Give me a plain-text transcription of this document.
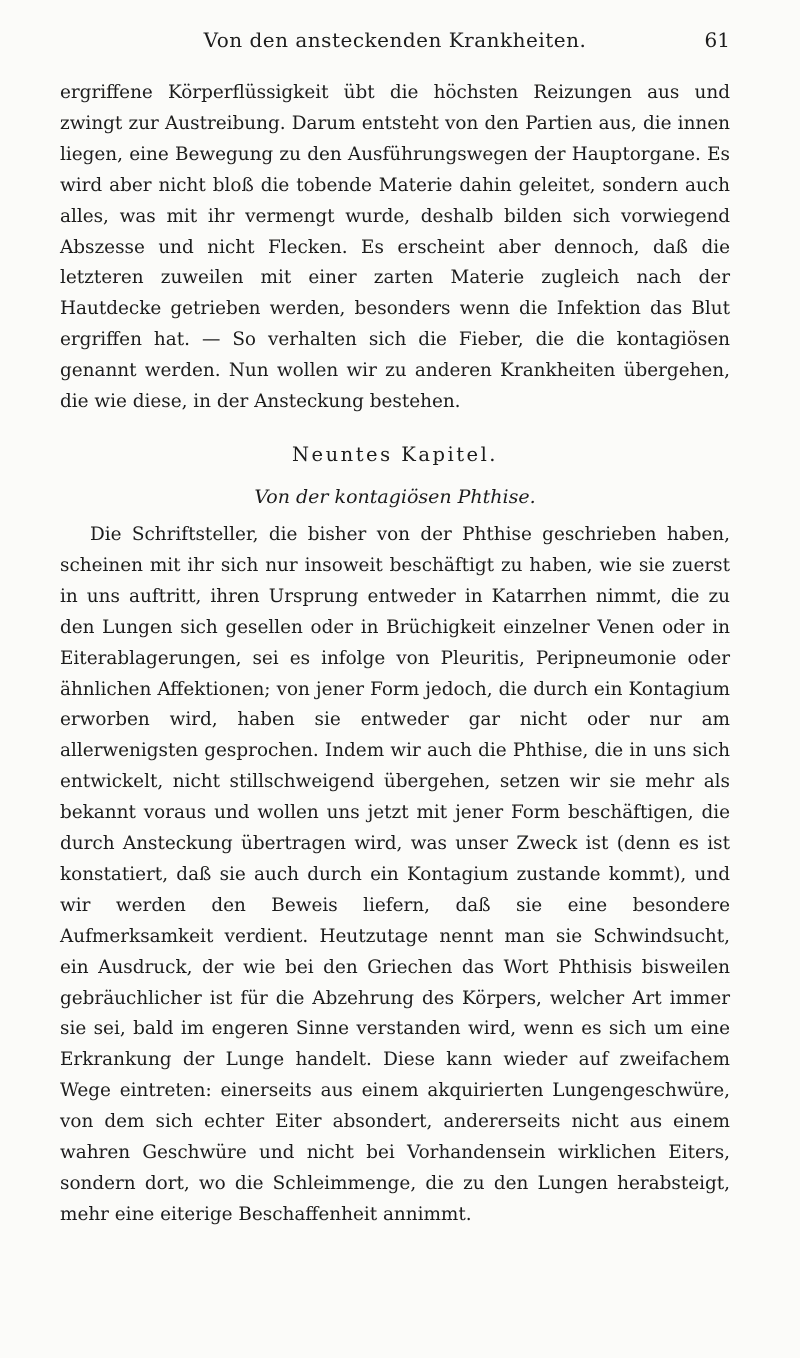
Von den ansteckenden Krankheiten.	61

ergriffene Körperflüssigkeit übt die höchsten Reizungen aus und zwingt zur Austreibung. Darum entsteht von den Partien aus, die innen liegen, eine Bewegung zu den Ausführungswegen der Hauptorgane. Es wird aber nicht bloß die tobende Materie dahin geleitet, sondern auch alles, was mit ihr vermengt wurde, deshalb bilden sich vorwiegend Abszesse und nicht Flecken. Es erscheint aber dennoch, daß die letzteren zuweilen mit einer zarten Materie zugleich nach der Hautdecke getrieben werden, besonders wenn die Infektion das Blut ergriffen hat. — So verhalten sich die Fieber, die die kontagiösen genannt werden. Nun wollen wir zu anderen Krankheiten übergehen, die wie diese, in der Ansteckung bestehen.

Neuntes Kapitel.
Von der kontagiösen Phthise.

Die Schriftsteller, die bisher von der Phthise geschrieben haben, scheinen mit ihr sich nur insoweit beschäftigt zu haben, wie sie zuerst in uns auftritt, ihren Ursprung entweder in Katarrhen nimmt, die zu den Lungen sich gesellen oder in Brüchigkeit einzelner Venen oder in Eiterablagerungen, sei es infolge von Pleuritis, Peripneumonie oder ähnlichen Affektionen; von jener Form jedoch, die durch ein Kontagium erworben wird, haben sie entweder gar nicht oder nur am allerwenigsten gesprochen. Indem wir auch die Phthise, die in uns sich entwickelt, nicht stillschweigend übergehen, setzen wir sie mehr als bekannt voraus und wollen uns jetzt mit jener Form beschäftigen, die durch Ansteckung übertragen wird, was unser Zweck ist (denn es ist konstatiert, daß sie auch durch ein Kontagium zustande kommt), und wir werden den Beweis liefern, daß sie eine besondere Aufmerksamkeit verdient. Heutzutage nennt man sie Schwindsucht, ein Ausdruck, der wie bei den Griechen das Wort Phthisis bisweilen gebräuchlicher ist für die Abzehrung des Körpers, welcher Art immer sie sei, bald im engeren Sinne verstanden wird, wenn es sich um eine Erkrankung der Lunge handelt. Diese kann wieder auf zweifachem Wege eintreten: einerseits aus einem akquirierten Lungengeschwüre, von dem sich echter Eiter absondert, andererseits nicht aus einem wahren Geschwüre und nicht bei Vorhandensein wirklichen Eiters, sondern dort, wo die Schleimmenge, die zu den Lungen herabsteigt, mehr eine eiterige Beschaffenheit annimmt.
